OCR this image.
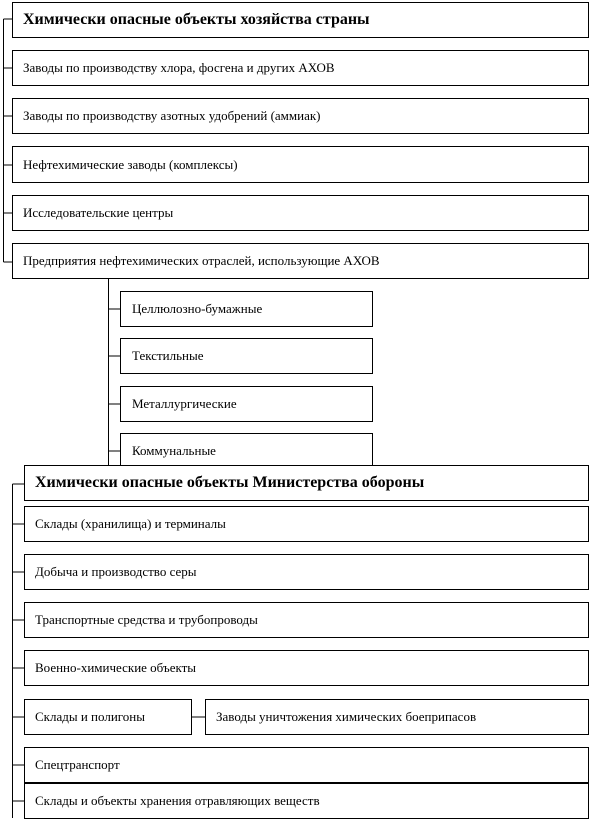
Химически опасные объекты хозяйства страны
Заводы по производству хлора, фосгена и других АХОВ
Заводы по производству азотных удобрений (аммиак)
Нефтехимические заводы (комплексы)
Исследовательские центры
Предприятия нефтехимических отраслей, использующие АХОВ
Целлюлозно-бумажные
Текстильные
Металлургические
Коммунальные
Химически опасные объекты Министерства обороны
Склады (хранилища) и терминалы
Добыча и производство серы
Транспортные средства и трубопроводы
Военно-химические объекты
Склады и полигоны	Заводы уничтожения химических боеприпасов
Спецтранспорт
Склады и объекты хранения отравляющих веществ
